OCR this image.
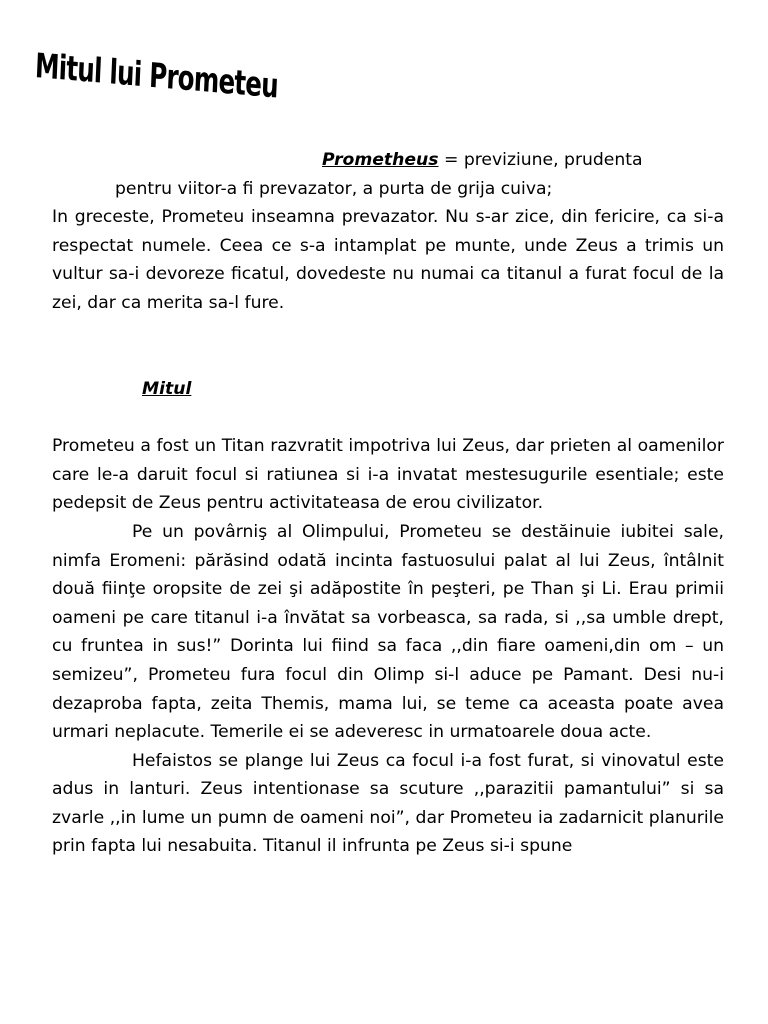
Mitul lui Prometeu

Prometheus = previziune, prudenta

pentru viitor-a fi prevazator, a purta de grija cuiva;

In greceste, Prometeu inseamna prevazator. Nu s-ar zice, din fericire, ca si-a respectat numele. Ceea ce s-a intamplat pe munte, unde Zeus a trimis un vultur sa-i devoreze ficatul, dovedeste nu numai ca titanul a furat focul de la zei, dar ca merita sa-l fure.

Mitul

Prometeu a fost un Titan razvratit impotriva lui Zeus, dar prieten al oamenilor care le-a daruit focul si ratiunea si i-a invatat mestesugurile esentiale; este pedepsit de Zeus pentru activitateasa de erou civilizator.

Pe un povârniş al Olimpului, Prometeu se destăinuie iubitei sale, nimfa Eromeni: părăsind odată incinta fastuosului palat al lui Zeus, întâlnit două fiinţe oropsite de zei şi adăpostite în peşteri, pe Than şi Li. Erau primii oameni pe care titanul i-a învătat sa vorbeasca, sa rada, si ,,sa umble drept, cu fruntea in sus!” Dorinta lui fiind sa faca ,,din fiare oameni,din om – un semizeu”, Prometeu fura focul din Olimp si-l aduce pe Pamant. Desi nu-i dezaproba fapta, zeita Themis, mama lui, se teme ca aceasta poate avea urmari neplacute. Temerile ei se adeveresc in urmatoarele doua acte.

Hefaistos se plange lui Zeus ca focul i-a fost furat, si vinovatul este adus in lanturi. Zeus intentionase sa scuture ,,parazitii pamantului” si sa zvarle ,,in lume un pumn de oameni noi”, dar Prometeu ia zadarnicit planurile prin fapta lui nesabuita. Titanul il infrunta pe Zeus si-i spune
